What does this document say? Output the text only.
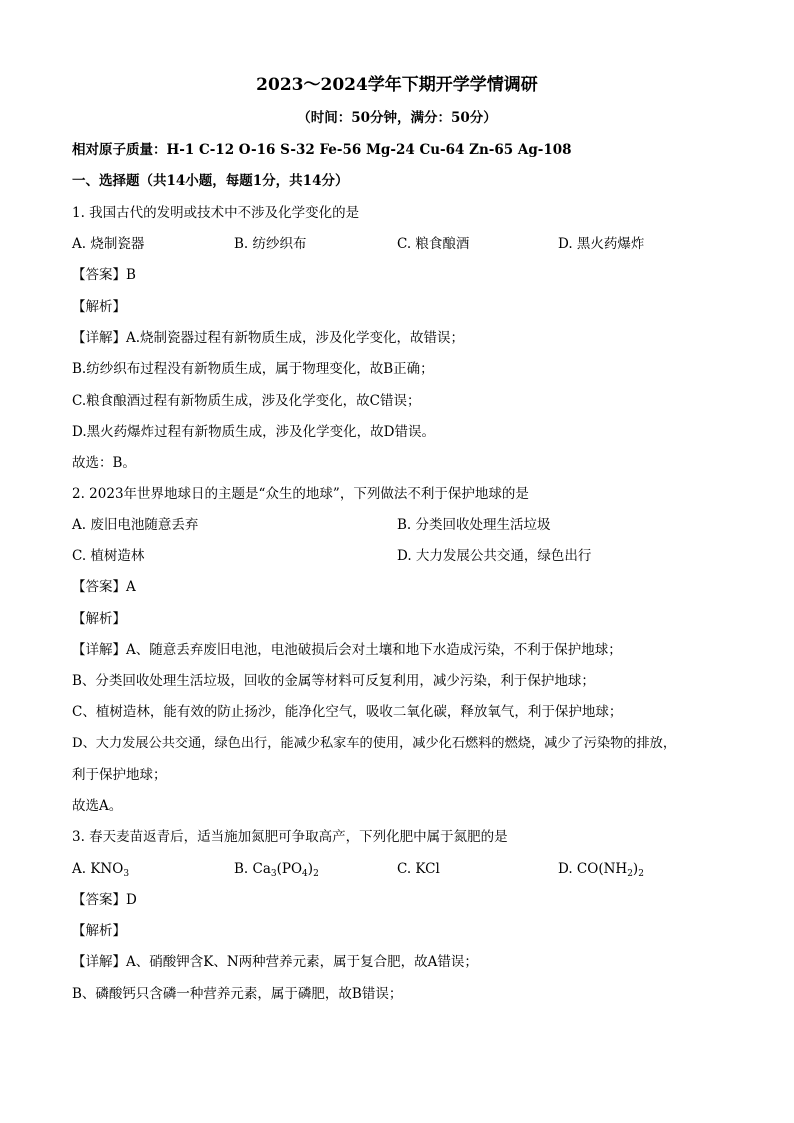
2023～2024学年下期开学学情调研
（时间：50分钟，满分：50分）
相对原子质量：H-1 C-12 O-16 S-32 Fe-56 Mg-24 Cu-64 Zn-65 Ag-108
一、选择题（共14小题，每题1分，共14分）
1. 我国古代的发明或技术中不涉及化学变化的是
A. 烧制瓷器	B. 纺纱织布	C. 粮食酿酒	D. 黑火药爆炸
【答案】B
【解析】
【详解】A.烧制瓷器过程有新物质生成，涉及化学变化，故错误；
B.纺纱织布过程没有新物质生成，属于物理变化，故B正确；
C.粮食酿酒过程有新物质生成，涉及化学变化，故C错误；
D.黑火药爆炸过程有新物质生成，涉及化学变化，故D错误。
故选：B。
2. 2023年世界地球日的主题是“众生的地球”，下列做法不利于保护地球的是
A. 废旧电池随意丢弃	B. 分类回收处理生活垃圾
C. 植树造林	D. 大力发展公共交通，绿色出行
【答案】A
【解析】
【详解】A、随意丢弃废旧电池，电池破损后会对土壤和地下水造成污染，不利于保护地球；
B、分类回收处理生活垃圾，回收的金属等材料可反复利用，减少污染，利于保护地球；
C、植树造林，能有效的防止扬沙，能净化空气，吸收二氧化碳，释放氧气，利于保护地球；
D、大力发展公共交通，绿色出行，能减少私家车的使用，减少化石燃料的燃烧，减少了污染物的排放，
利于保护地球；
故选A。
3. 春天麦苗返青后，适当施加氮肥可争取高产，下列化肥中属于氮肥的是
A. $KNO_3$	B. $Ca_3(PO_4)_2$	C. KCl	D. $CO(NH_2)_2$
【答案】D
【解析】
【详解】A、硝酸钾含K、N两种营养元素，属于复合肥，故A错误；
B、磷酸钙只含磷一种营养元素，属于磷肥，故B错误；
